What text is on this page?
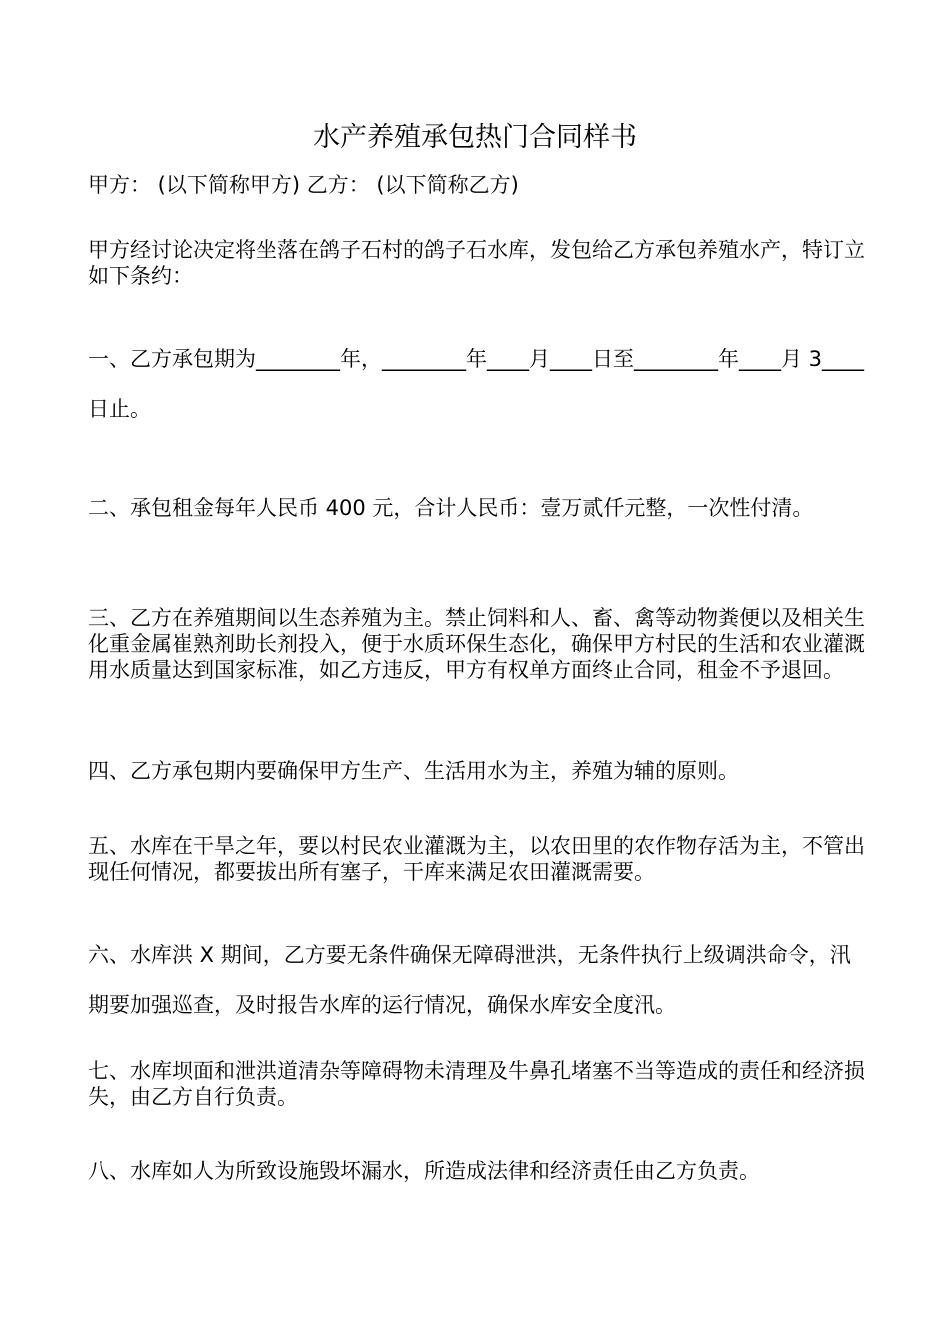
水产养殖承包热门合同样书

甲方： (以下简称甲方) 乙方： (以下简称乙方)

甲方经讨论决定将坐落在鸽子石村的鸽子石水库，发包给乙方承包养殖水产，特订立如下条约：

一、乙方承包期为________年，________年____月____日至________年____月 3____日止。

二、承包租金每年人民币 400 元，合计人民币：壹万贰仟元整，一次性付清。

三、乙方在养殖期间以生态养殖为主。禁止饲料和人、畜、禽等动物粪便以及相关生化重金属崔熟剂助长剂投入，便于水质环保生态化，确保甲方村民的生活和农业灌溉用水质量达到国家标准，如乙方违反，甲方有权单方面终止合同，租金不予退回。

四、乙方承包期内要确保甲方生产、生活用水为主，养殖为辅的原则。

五、水库在干旱之年，要以村民农业灌溉为主，以农田里的农作物存活为主，不管出现任何情况，都要拔出所有塞子，干库来满足农田灌溉需要。

六、水库洪 X 期间，乙方要无条件确保无障碍泄洪，无条件执行上级调洪命令，汛期要加强巡查，及时报告水库的运行情况，确保水库安全度汛。

七、水库坝面和泄洪道清杂等障碍物未清理及牛鼻孔堵塞不当等造成的责任和经济损失，由乙方自行负责。

八、水库如人为所致设施毁坏漏水，所造成法律和经济责任由乙方负责。
